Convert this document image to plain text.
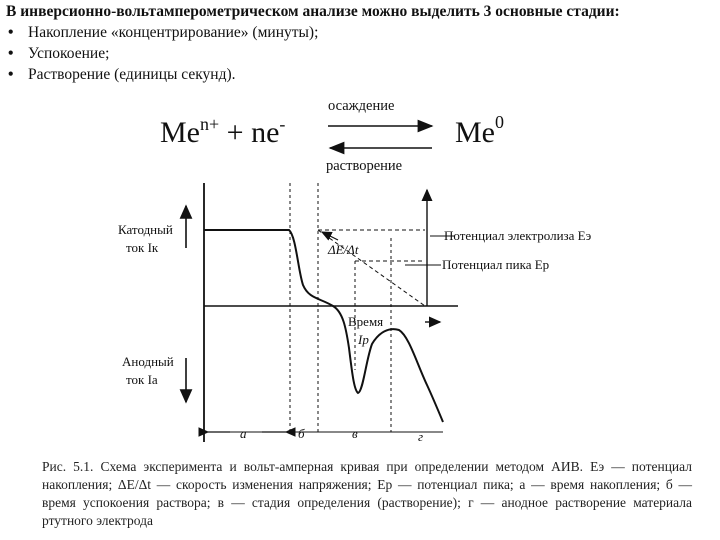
В инверсионно-вольтамперометрическом анализе можно выделить 3 основные стадии:

• Накопление «концентрирование» (минуты);
• Успокоение;
• Растворение (единицы секунд).
$Me^{n+} + ne^-$
осаждение
растворение
Me$^0$
Катодный
ток Iк
Анодный
ток Iа
Потенциал электролиза Eэ
Потенциал пика Ep
ΔE/Δt
Время
Ip
а	б	в	г
Рис. 5.1. Схема эксперимента и вольт-амперная кривая при определении методом АИВ. Eэ — потенциал накопления; ΔE/Δt — скорость изменения напряжения; Ep — потенциал пика; а — время накопления; б — время успокоения раствора; в — стадия определения (растворение); г — анодное растворение материала ртутного электрода
